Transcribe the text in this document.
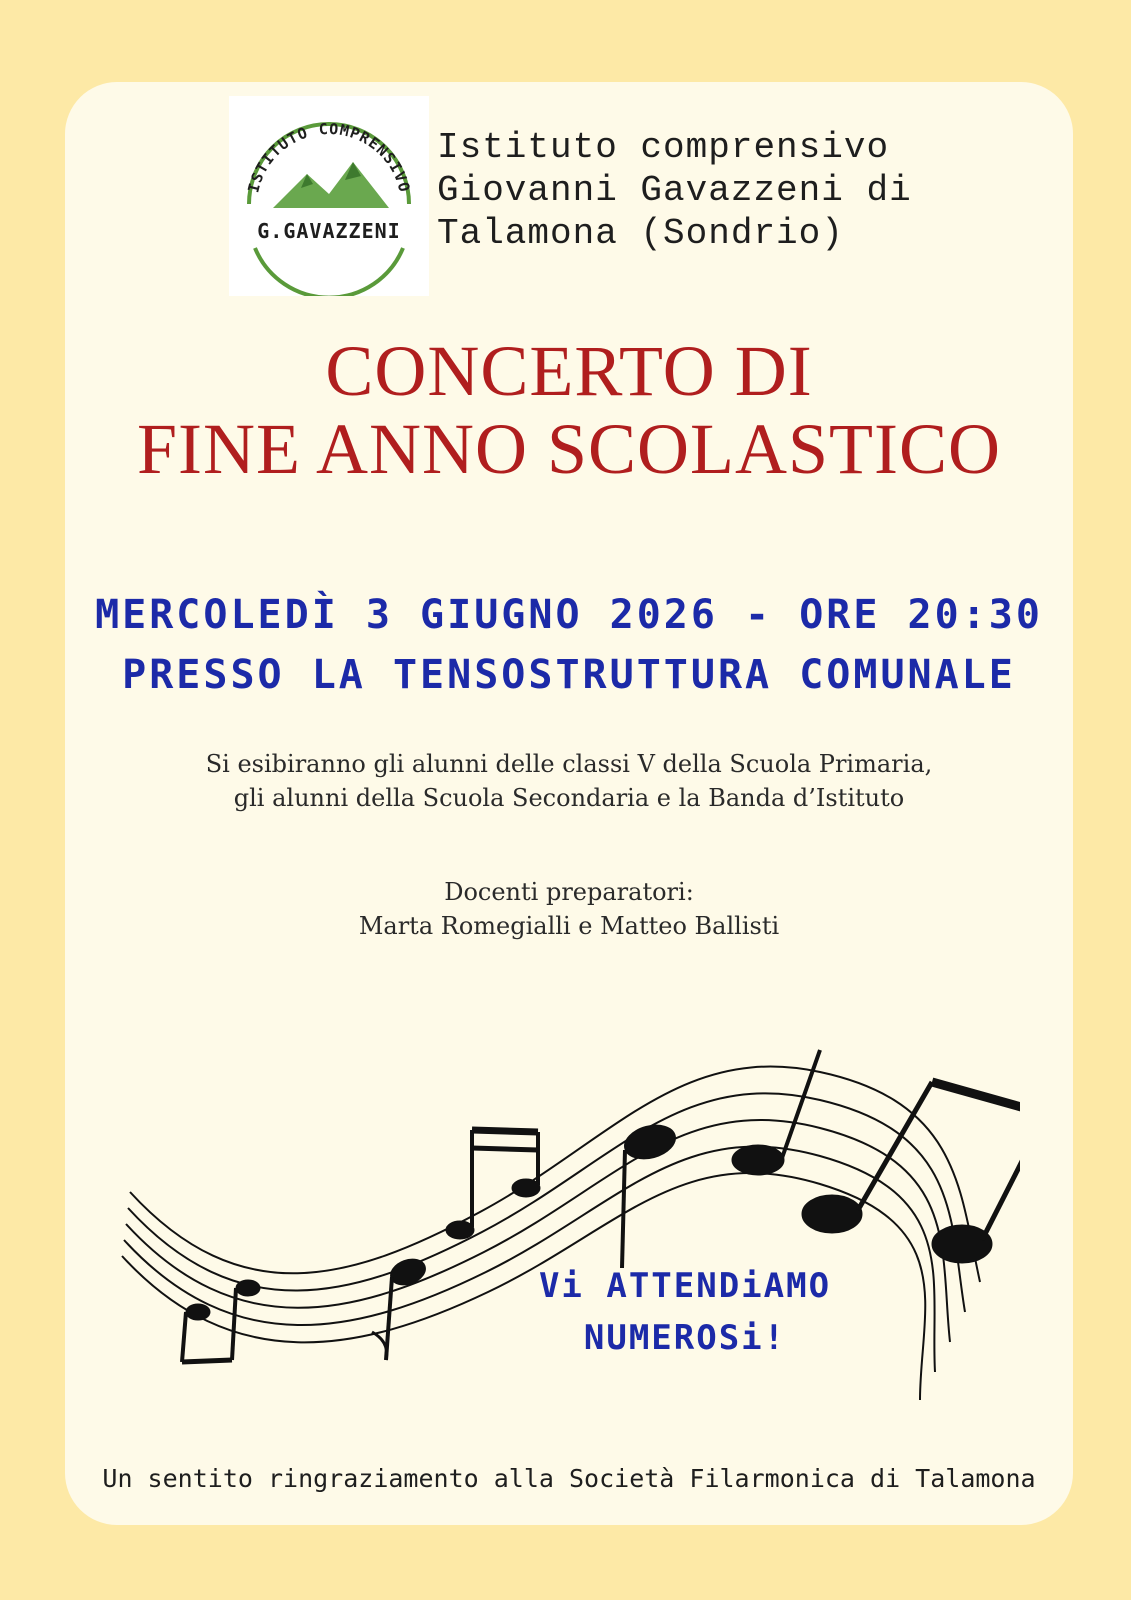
ISTITUTO COMPRENSIVO
G.GAVAZZENI
Istituto comprensivo
Giovanni Gavazzeni di
Talamona (Sondrio)
CONCERTO DI
FINE ANNO SCOLASTICO
MERCOLEDÌ 3 GIUGNO 2026 - ORE 20:30
PRESSO LA TENSOSTRUTTURA COMUNALE
Si esibiranno gli alunni delle classi V della Scuola Primaria,
gli alunni della Scuola Secondaria e la Banda d’Istituto
Docenti preparatori:
Marta Romegialli e Matteo Ballisti
Vi ATTENDiAMO
NUMEROSi!
Un sentito ringraziamento alla Società Filarmonica di Talamona
